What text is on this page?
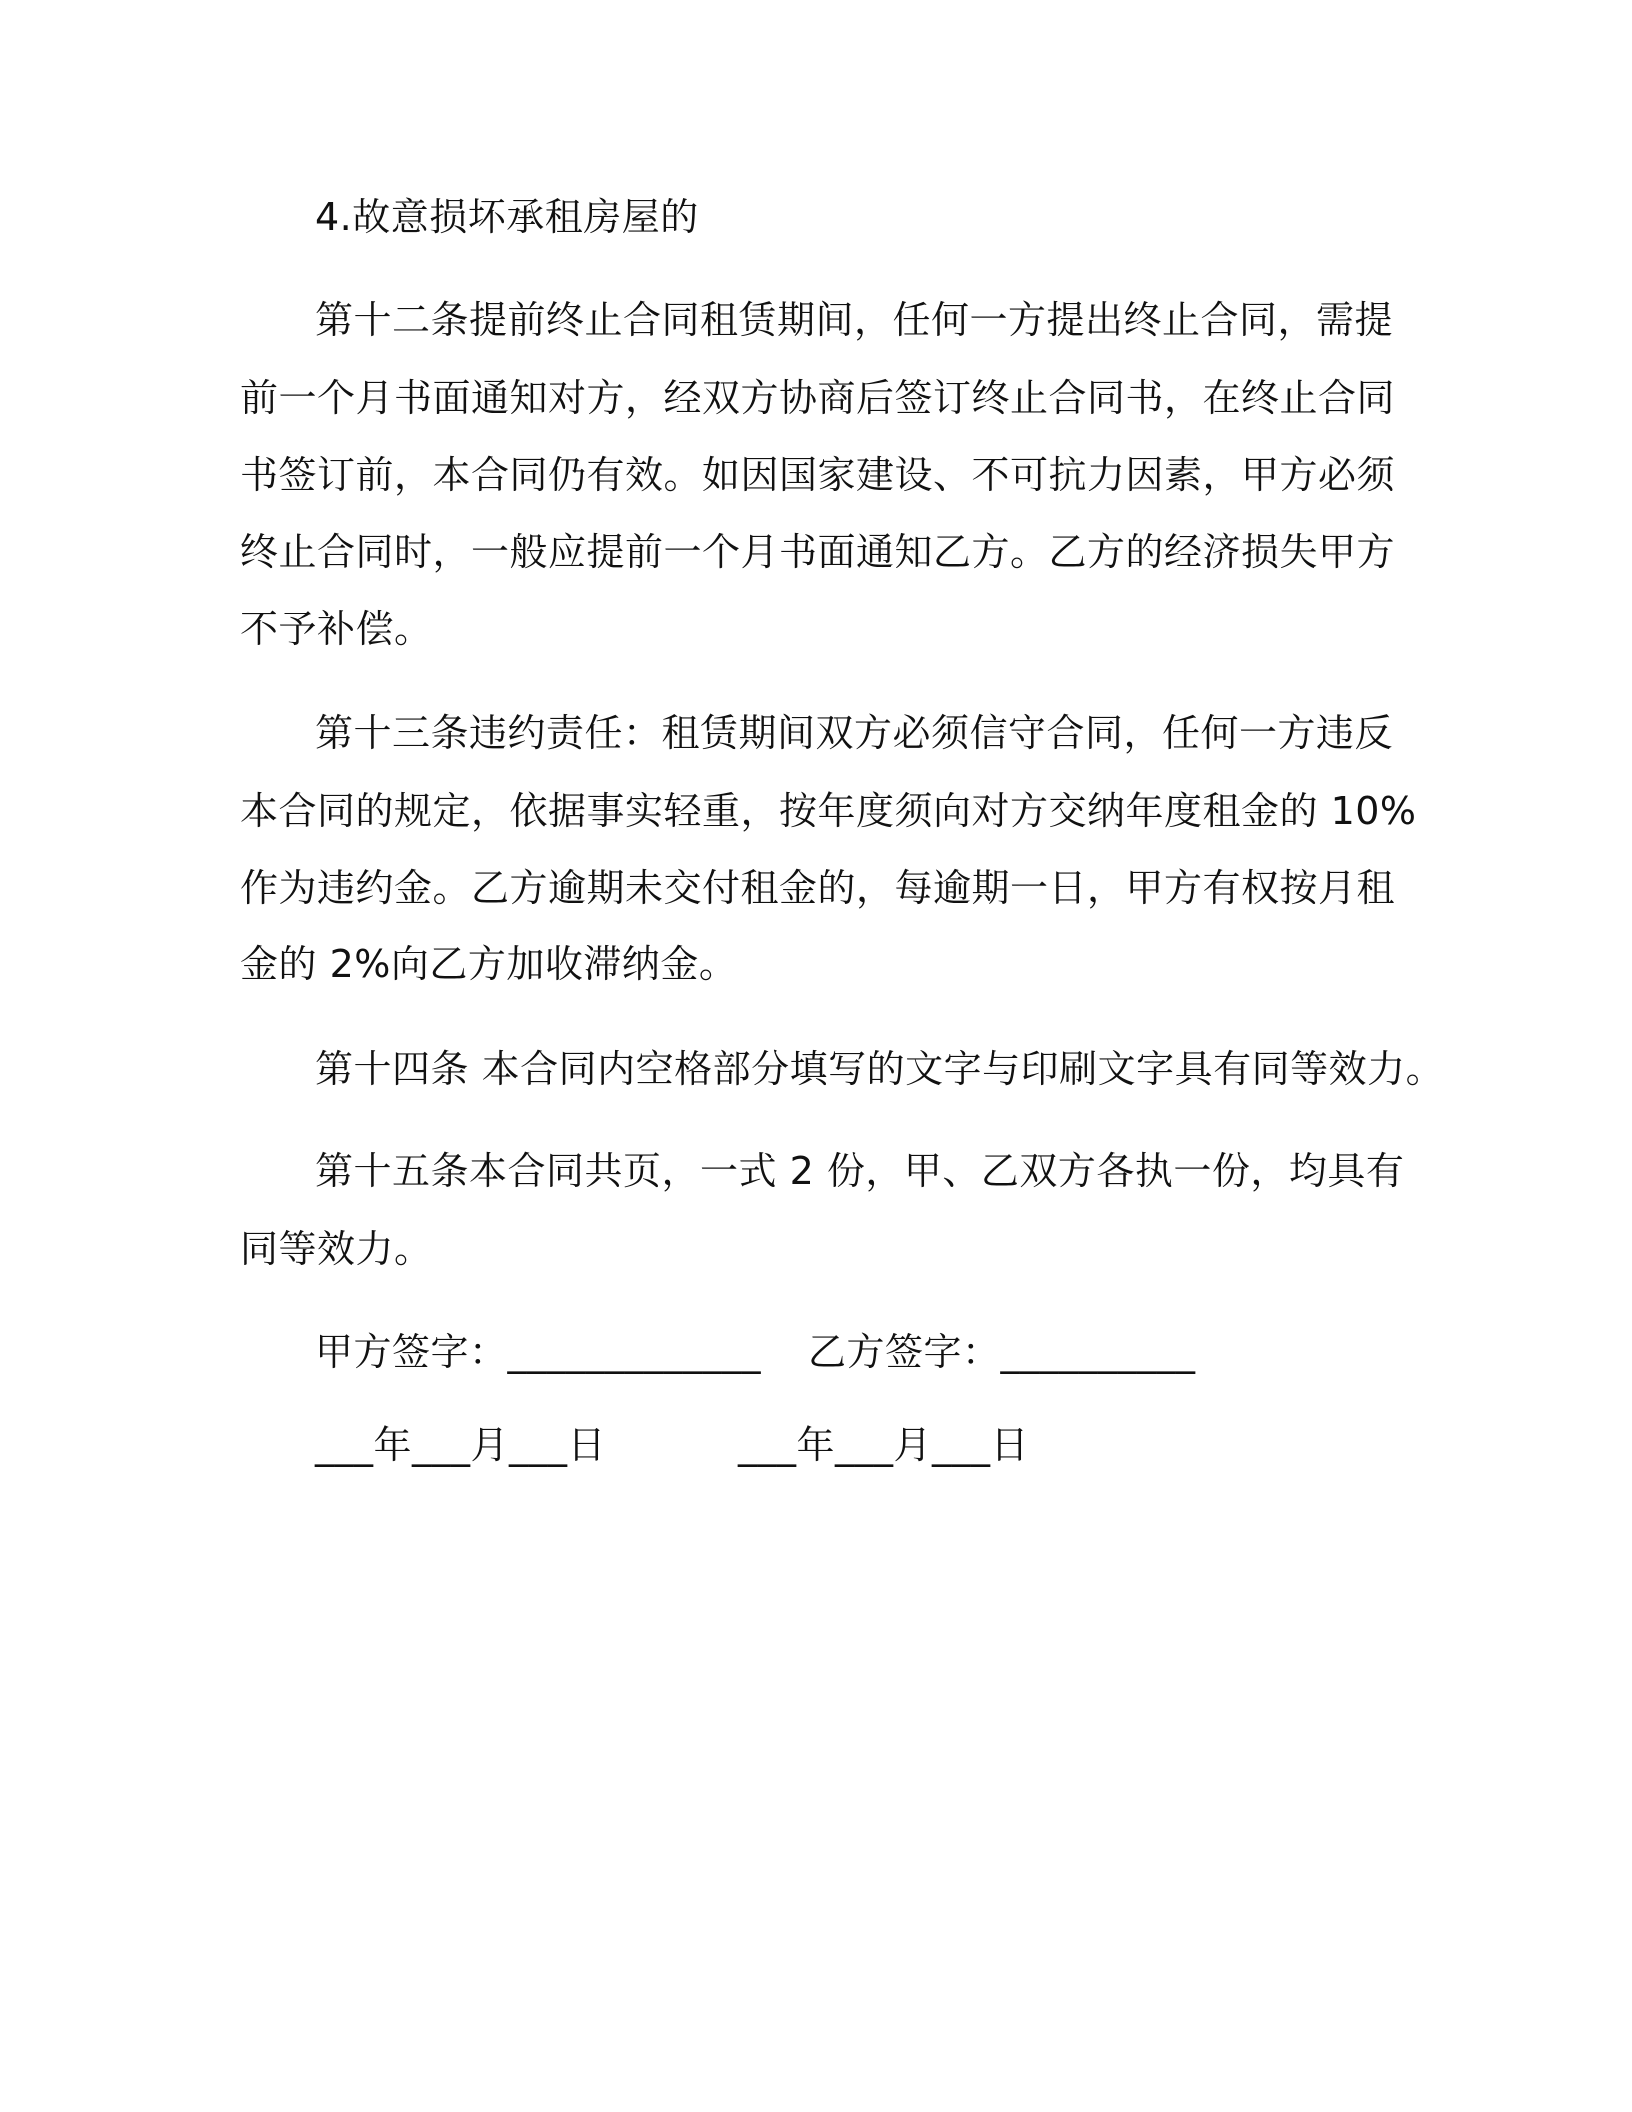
4.故意损坏承租房屋的
第十二条提前终止合同租赁期间，任何一方提出终止合同，需提
前一个月书面通知对方，经双方协商后签订终止合同书，在终止合同
书签订前，本合同仍有效。如因国家建设、不可抗力因素，甲方必须
终止合同时，一般应提前一个月书面通知乙方。乙方的经济损失甲方
不予补偿。
第十三条违约责任：租赁期间双方必须信守合同，任何一方违反
本合同的规定，依据事实轻重，按年度须向对方交纳年度租金的 10%
作为违约金。乙方逾期未交付租金的，每逾期一日，甲方有权按月租
金的 2%向乙方加收滞纳金。
第十四条 本合同内空格部分填写的文字与印刷文字具有同等效力。
第十五条本合同共页，一式 2 份，甲、乙双方各执一份，均具有
同等效力。
甲方签字：_____________ 乙方签字：__________
___年___月___日	___年___月___日
